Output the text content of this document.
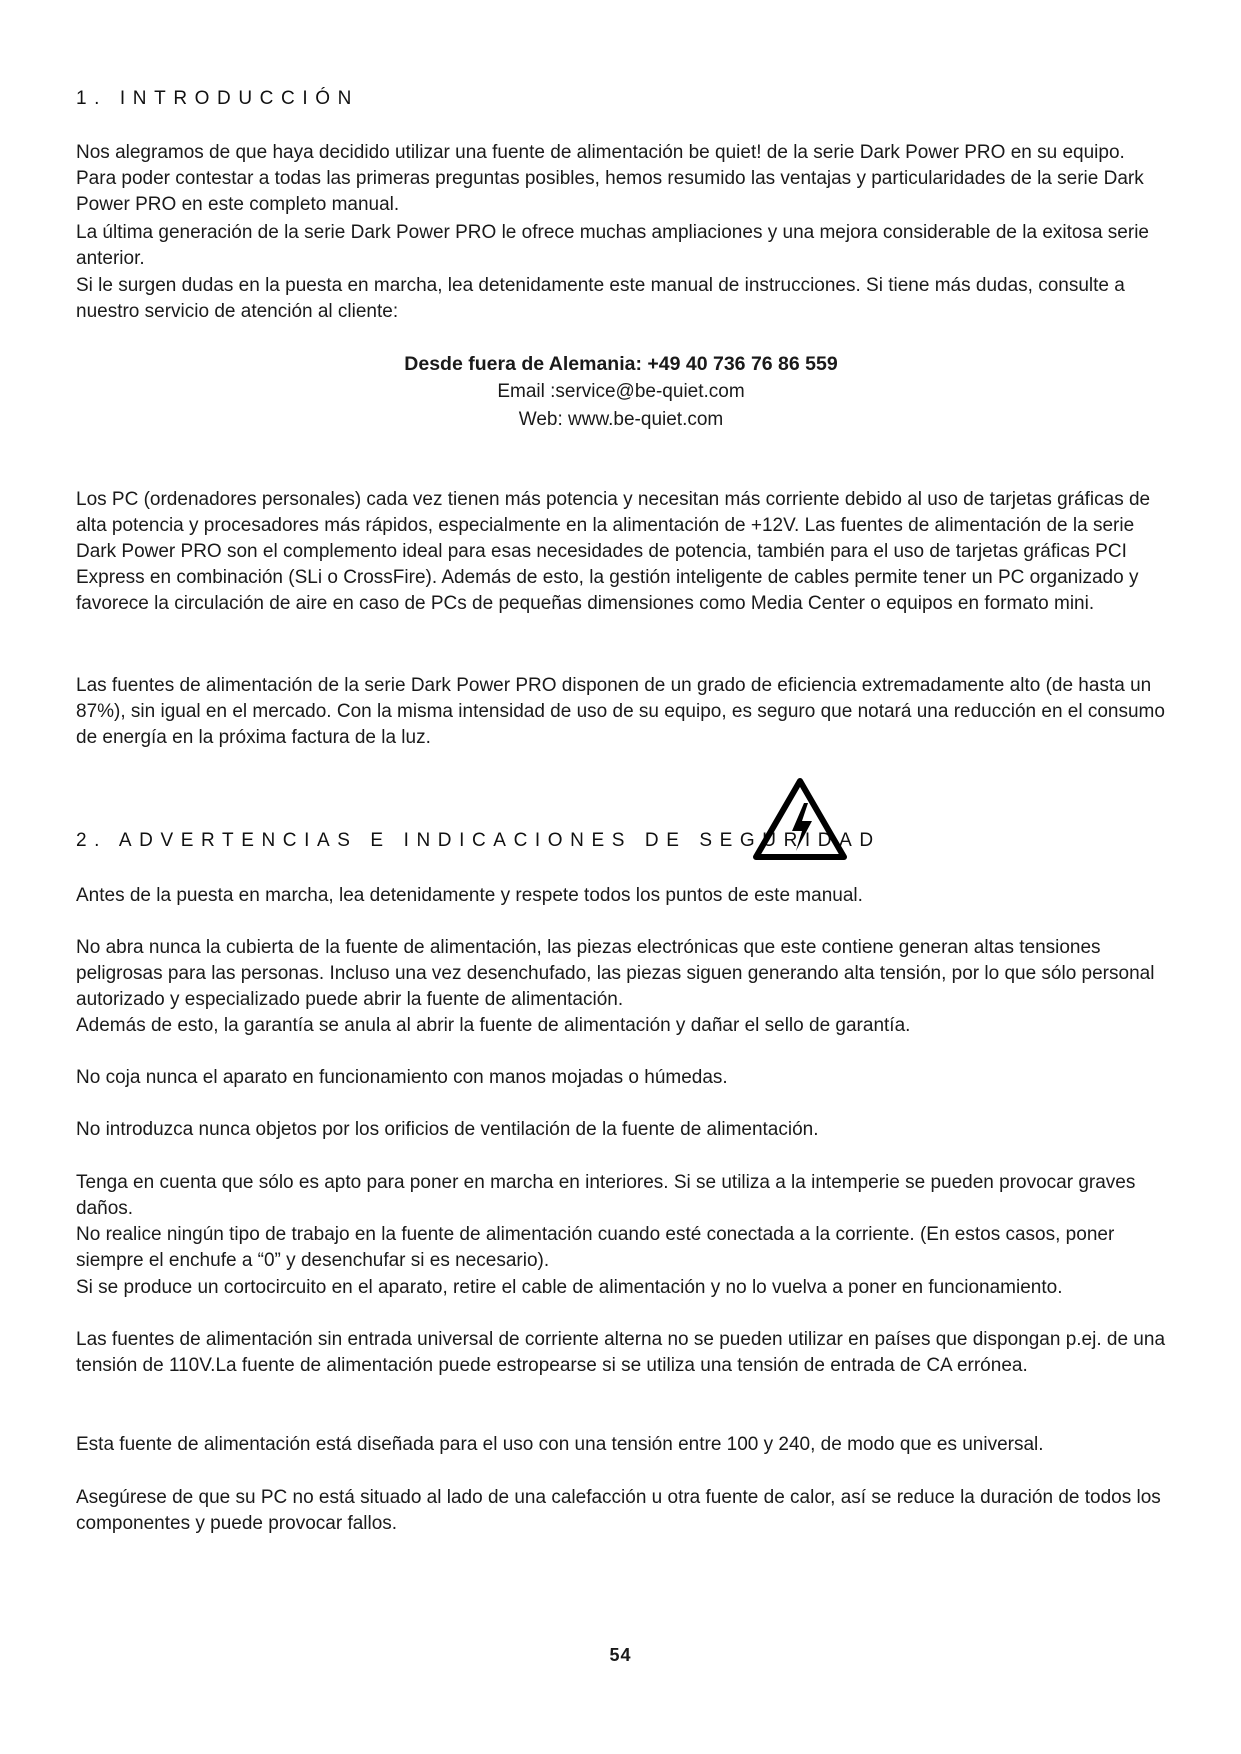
1. INTRODUCCIÓN
Nos alegramos de que haya decidido utilizar una fuente de alimentación be quiet! de la serie Dark Power PRO en su equipo. Para poder contestar a todas las primeras preguntas posibles, hemos resumido las ventajas y particularidades de la serie Dark Power PRO en este completo manual.
La última generación de la serie Dark Power PRO le ofrece muchas ampliaciones y una mejora considerable de la exitosa serie anterior.
Si le surgen dudas en la puesta en marcha, lea detenidamente este manual de instrucciones. Si tiene más dudas, consulte a nuestro servicio de atención al cliente:
Desde fuera de Alemania: +49 40 736 76 86 559
Email :service@be-quiet.com
Web: www.be-quiet.com
Los PC (ordenadores personales) cada vez tienen más potencia y necesitan más corriente debido al uso de tarjetas gráficas de alta potencia y procesadores más rápidos, especialmente en la alimentación de +12V. Las fuentes de alimentación de la serie Dark Power PRO son el complemento ideal para esas necesidades de potencia, también para el uso de tarjetas gráficas PCI Express en combinación (SLi o CrossFire). Además de esto, la gestión inteligente de cables permite tener un PC organizado y favorece la circulación de aire en caso de PCs de pequeñas dimensiones como Media Center o equipos en formato mini.
Las fuentes de alimentación de la serie Dark Power PRO disponen de un grado de eficiencia extremadamente alto (de hasta un 87%), sin igual en el mercado. Con la misma intensidad de uso de su equipo, es seguro que notará una reducción en el consumo de energía en la próxima factura de la luz.
2. ADVERTENCIAS E INDICACIONES DE SEGURIDAD
Antes de la puesta en marcha, lea detenidamente y respete todos los puntos de este manual.
No abra nunca la cubierta de la fuente de alimentación, las piezas electrónicas que este contiene generan altas tensiones peligrosas para las personas. Incluso una vez desenchufado, las piezas siguen generando alta tensión, por lo que sólo personal autorizado y especializado puede abrir la fuente de alimentación.
Además de esto, la garantía se anula al abrir la fuente de alimentación y dañar el sello de garantía.
No coja nunca el aparato en funcionamiento con manos mojadas o húmedas.
No introduzca nunca objetos por los orificios de ventilación de la fuente de alimentación.
Tenga en cuenta que sólo es apto para poner en marcha en interiores. Si se utiliza a la intemperie se pueden provocar graves daños.
No realice ningún tipo de trabajo en la fuente de alimentación cuando esté conectada a la corriente. (En estos casos, poner siempre el enchufe a “0” y desenchufar si es necesario).
Si se produce un cortocircuito en el aparato, retire el cable de alimentación y no lo vuelva a poner en funcionamiento.
Las fuentes de alimentación sin entrada universal de corriente alterna no se pueden utilizar en países que dispongan p.ej. de una tensión de 110V.La fuente de alimentación puede estropearse si se utiliza una tensión de entrada de CA errónea.
Esta fuente de alimentación está diseñada para el uso con una tensión entre 100 y 240, de modo que es universal.
Asegúrese de que su PC no está situado al lado de una calefacción u otra fuente de calor, así se reduce la duración de todos los componentes y puede provocar fallos.
54
